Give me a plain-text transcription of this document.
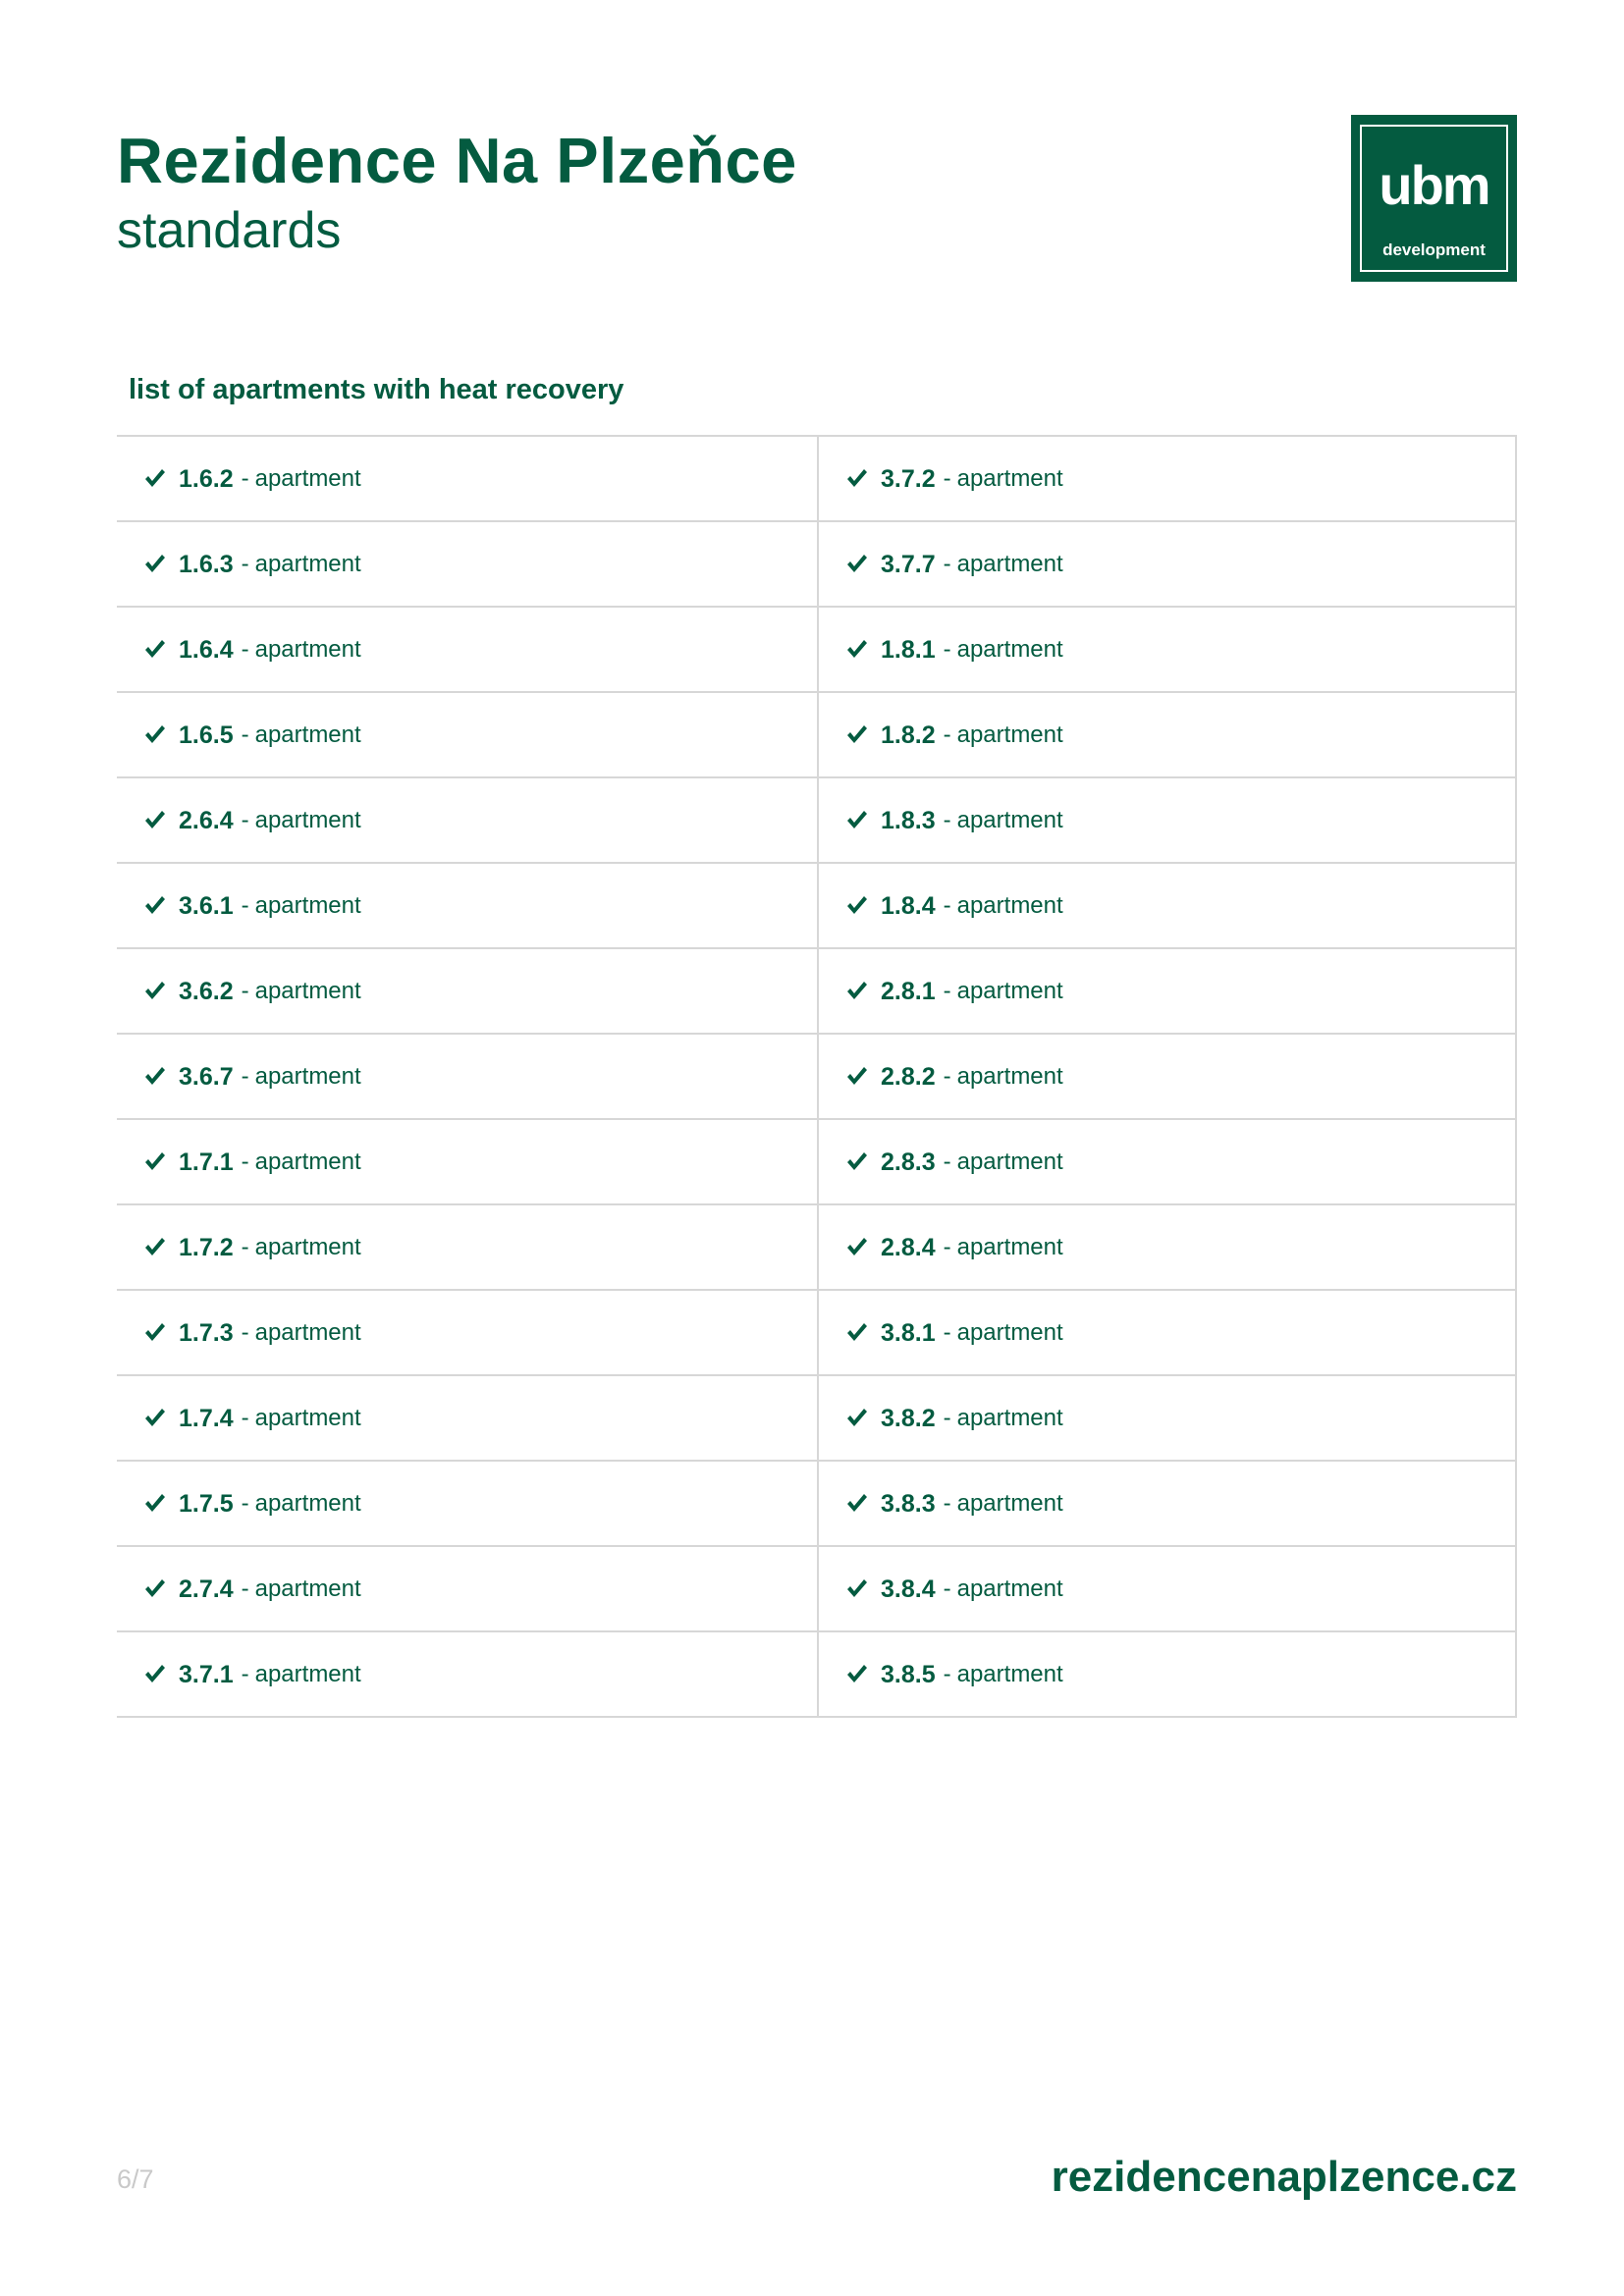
Rezidence Na Plzeňce
standards
ubm
development
list of apartments with heat recovery
1.6.2 - apartment	3.7.2 - apartment
1.6.3 - apartment	3.7.7 - apartment
1.6.4 - apartment	1.8.1 - apartment
1.6.5 - apartment	1.8.2 - apartment
2.6.4 - apartment	1.8.3 - apartment
3.6.1 - apartment	1.8.4 - apartment
3.6.2 - apartment	2.8.1 - apartment
3.6.7 - apartment	2.8.2 - apartment
1.7.1 - apartment	2.8.3 - apartment
1.7.2 - apartment	2.8.4 - apartment
1.7.3 - apartment	3.8.1 - apartment
1.7.4 - apartment	3.8.2 - apartment
1.7.5 - apartment	3.8.3 - apartment
2.7.4 - apartment	3.8.4 - apartment
3.7.1 - apartment	3.8.5 - apartment
6/7	rezidencenaplzence.cz
